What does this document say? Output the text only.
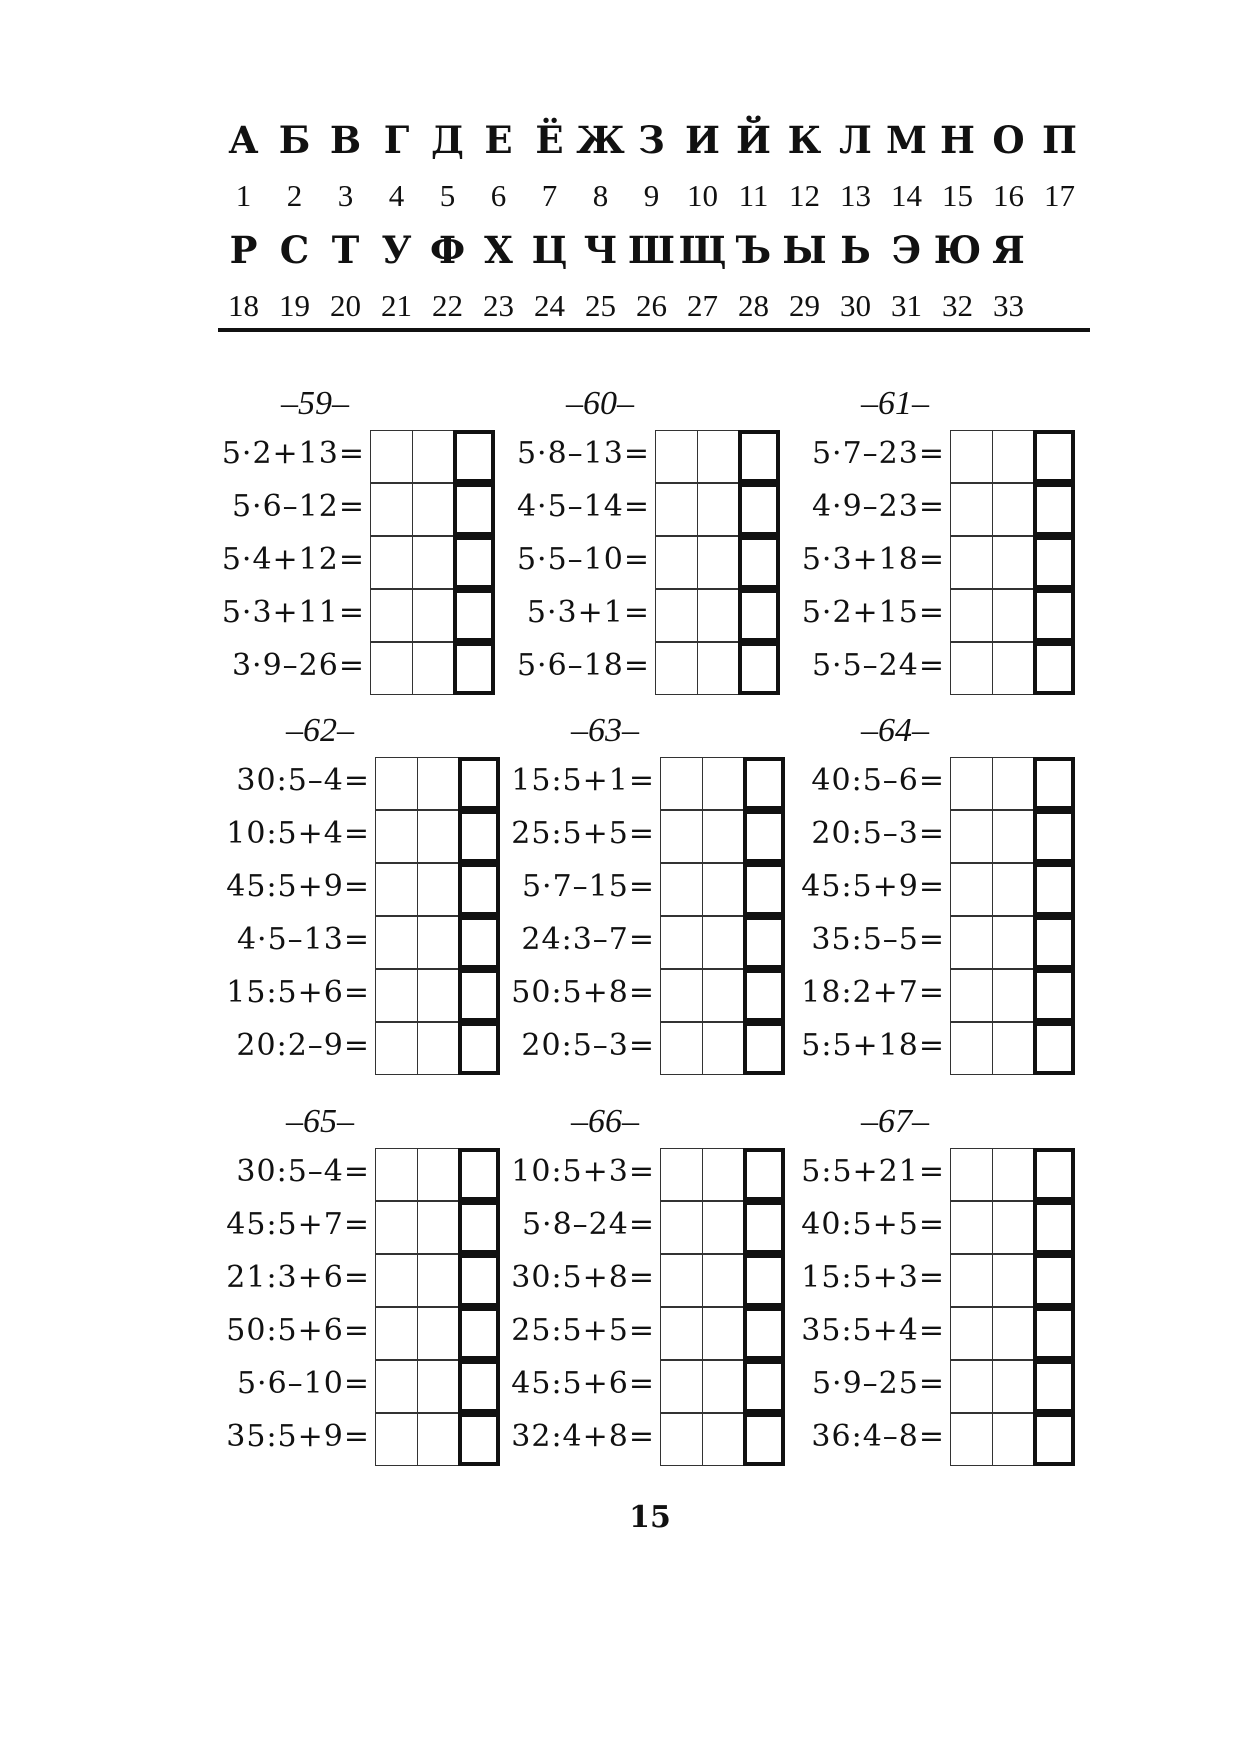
А Б В Г Д Е Ё Ж З И Й К Л М Н О П
1	2	3	4	5	6	7	8	9 10 11 12 13 14 15 16 17
Р С Т У Ф Х Ц Ч Ш Щ Ъ Ы Ь Э Ю Я
18 19 20 21 22 23 24 25 26 27 28 29 30 31 32 33
–59–
5·2+13=
5·6–12=
5·4+12=
5·3+11=
3·9–26=
–60–
5·8–13=
4·5–14=
5·5–10=
5·3+1=
5·6–18=
–61–
5·7–23=
4·9–23=
5·3+18=
5·2+15=
5·5–24=
–62–
30:5–4=
10:5+4=
45:5+9=
4·5–13=
15:5+6=
20:2–9=
–63–
15:5+1=
25:5+5=
5·7–15=
24:3–7=
50:5+8=
20:5–3=
–64–
40:5–6=
20:5–3=
45:5+9=
35:5–5=
18:2+7=
5:5+18=
–65–
30:5–4=
45:5+7=
21:3+6=
50:5+6=
5·6–10=
35:5+9=
–66–
10:5+3=
5·8–24=
30:5+8=
25:5+5=
45:5+6=
32:4+8=
–67–
5:5+21=
40:5+5=
15:5+3=
35:5+4=
5·9–25=
36:4–8=
15
